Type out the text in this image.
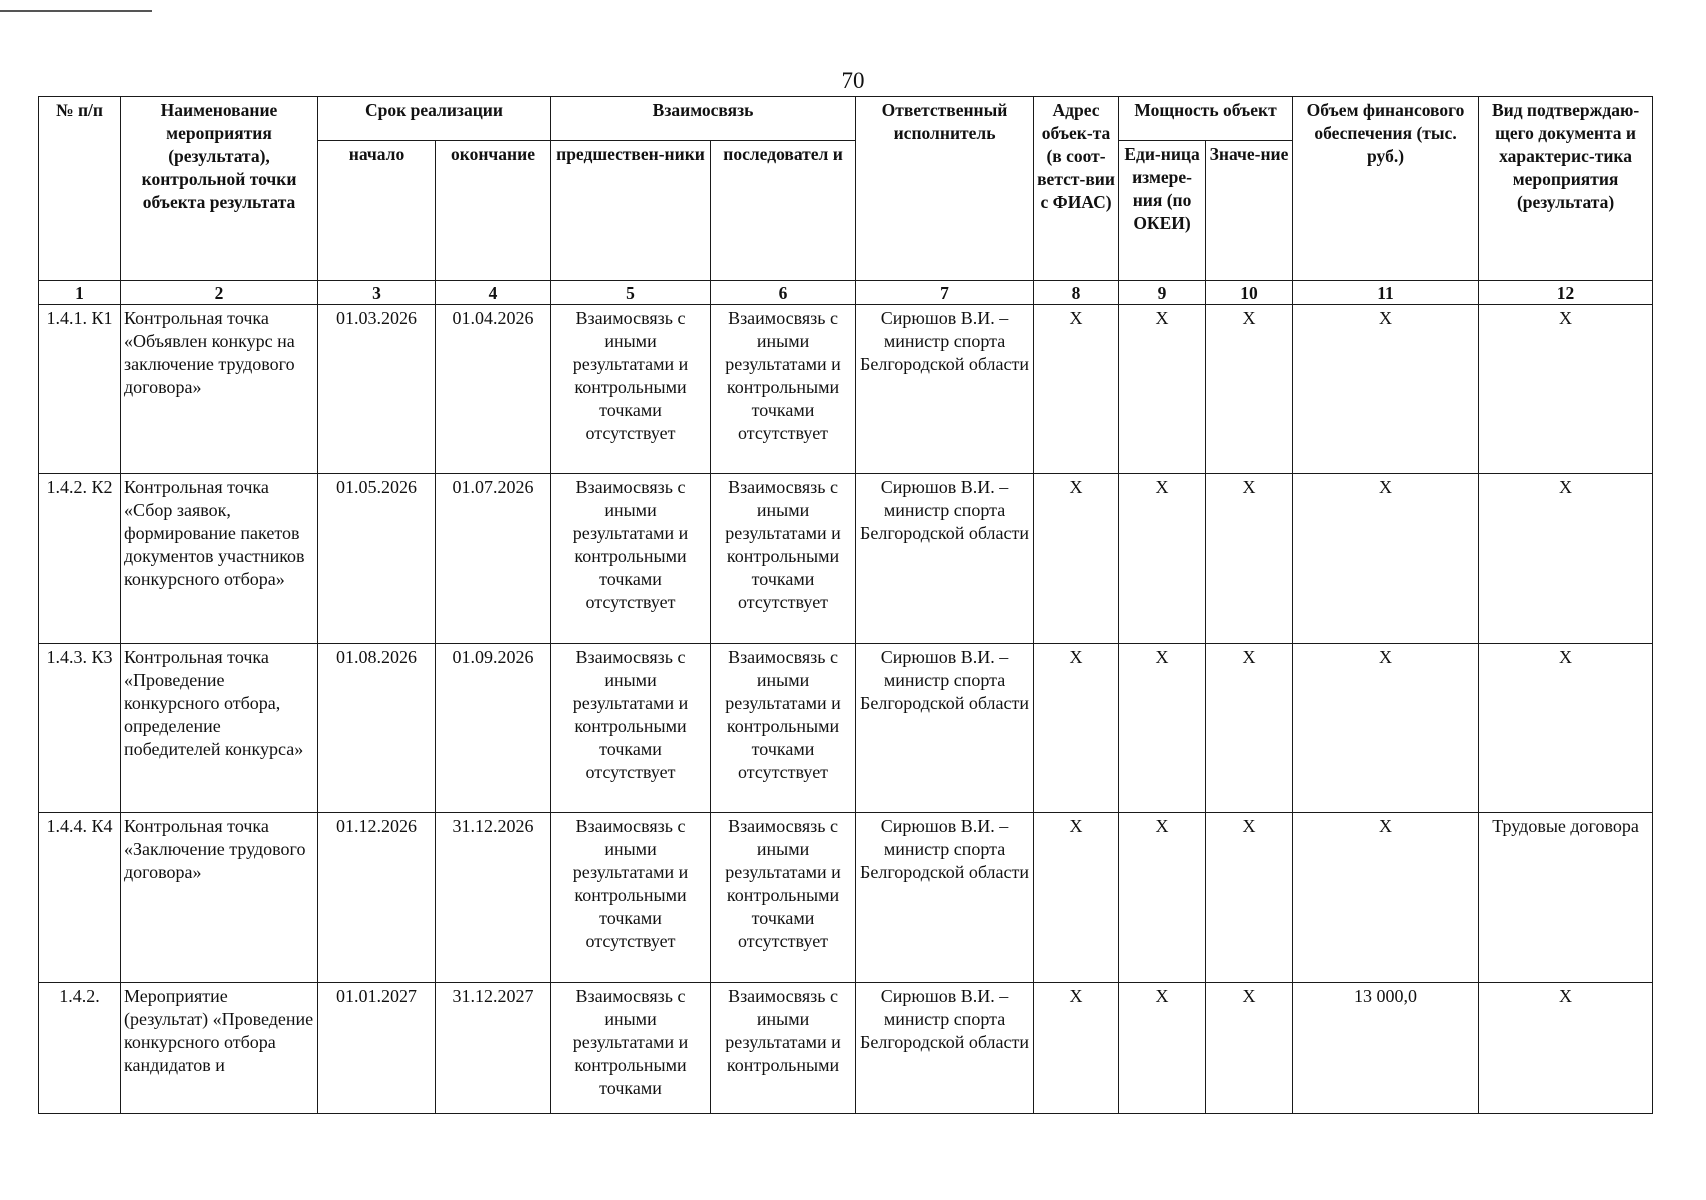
70
№ п/п	Наименование мероприятия (результата), контрольной точки объекта результата	Срок реализации		Взаимосвязь		Ответственный исполнитель	Адрес объек-та (в соот-ветст-вии с ФИАС)	Мощность объект		Объем финансового обеспечения (тыс. руб.)	Вид подтверждаю-щего документа и характерис-тика мероприятия (результата)
		начало	окончание	предшествен-ники	последовател и			Еди-ница измере-ния (по ОКЕИ)	Значе-ние		
1	2	3	4	5	6	7	8	9	10	11	12
1.4.1. К1	Контрольная точка «Объявлен конкурс на заключение трудового договора»	01.03.2026	01.04.2026	Взаимосвязь с иными результатами и контрольными точками отсутствует	Взаимосвязь с иными результатами и контрольными точками отсутствует	Сирюшов В.И. – министр спорта Белгородской области	X	X	X	X	X
1.4.2. К2	Контрольная точка «Сбор заявок, формирование пакетов документов участников конкурсного отбора»	01.05.2026	01.07.2026	Взаимосвязь с иными результатами и контрольными точками отсутствует	Взаимосвязь с иными результатами и контрольными точками отсутствует	Сирюшов В.И. – министр спорта Белгородской области	X	X	X	X	X
1.4.3. К3	Контрольная точка «Проведение конкурсного отбора, определение победителей конкурса»	01.08.2026	01.09.2026	Взаимосвязь с иными результатами и контрольными точками отсутствует	Взаимосвязь с иными результатами и контрольными точками отсутствует	Сирюшов В.И. – министр спорта Белгородской области	X	X	X	X	X
1.4.4. К4	Контрольная точка «Заключение трудового договора»	01.12.2026	31.12.2026	Взаимосвязь с иными результатами и контрольными точками отсутствует	Взаимосвязь с иными результатами и контрольными точками отсутствует	Сирюшов В.И. – министр спорта Белгородской области	X	X	X	X	Трудовые договора
1.4.2.	Мероприятие (результат) «Проведение конкурсного отбора кандидатов и	01.01.2027	31.12.2027	Взаимосвязь с иными результатами и контрольными точками	Взаимосвязь с иными результатами и контрольными	Сирюшов В.И. – министр спорта Белгородской области	X	X	X	13 000,0	X
